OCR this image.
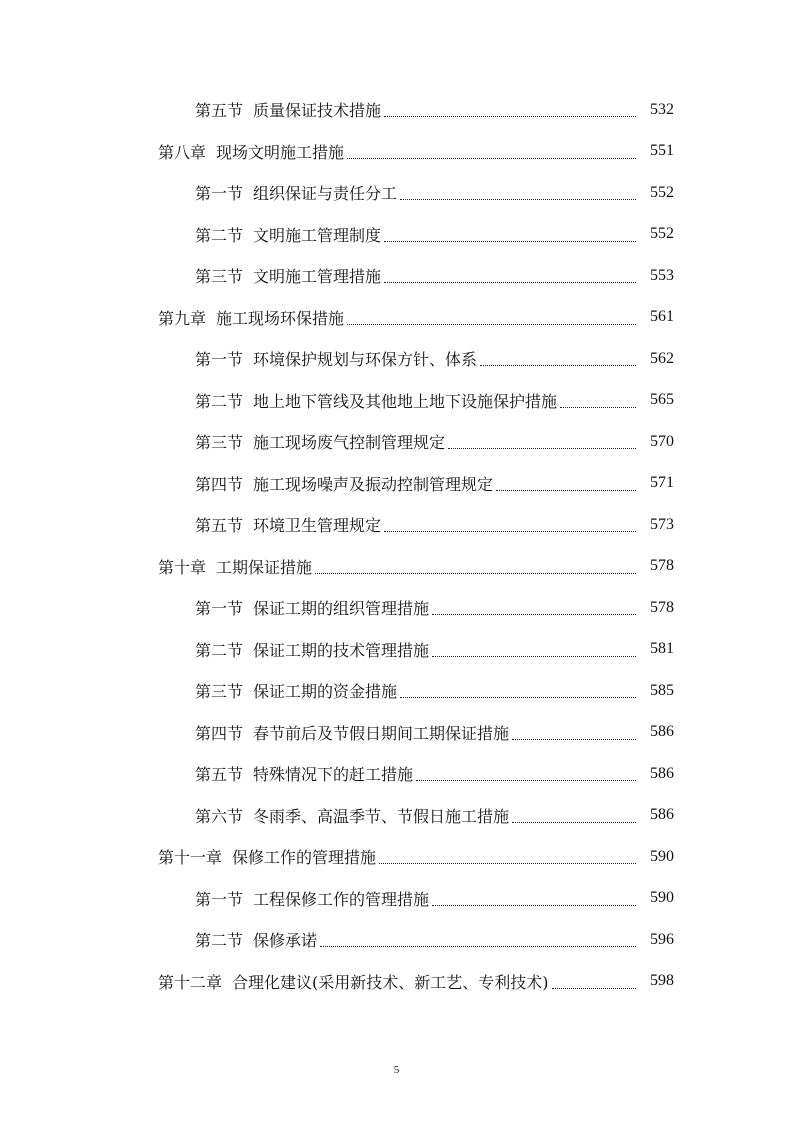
第五节 质量保证技术措施	532
第八章 现场文明施工措施	551
第一节 组织保证与责任分工	552
第二节 文明施工管理制度	552
第三节 文明施工管理措施	553
第九章 施工现场环保措施	561
第一节 环境保护规划与环保方针、体系	562
第二节 地上地下管线及其他地上地下设施保护措施	565
第三节 施工现场废气控制管理规定	570
第四节 施工现场噪声及振动控制管理规定	571
第五节 环境卫生管理规定	573
第十章 工期保证措施	578
第一节 保证工期的组织管理措施	578
第二节 保证工期的技术管理措施	581
第三节 保证工期的资金措施	585
第四节 春节前后及节假日期间工期保证措施	586
第五节 特殊情况下的赶工措施	586
第六节 冬雨季、高温季节、节假日施工措施	586
第十一章 保修工作的管理措施	590
第一节 工程保修工作的管理措施	590
第二节 保修承诺	596
第十二章 合理化建议(采用新技术、新工艺、专利技术)	598
5
